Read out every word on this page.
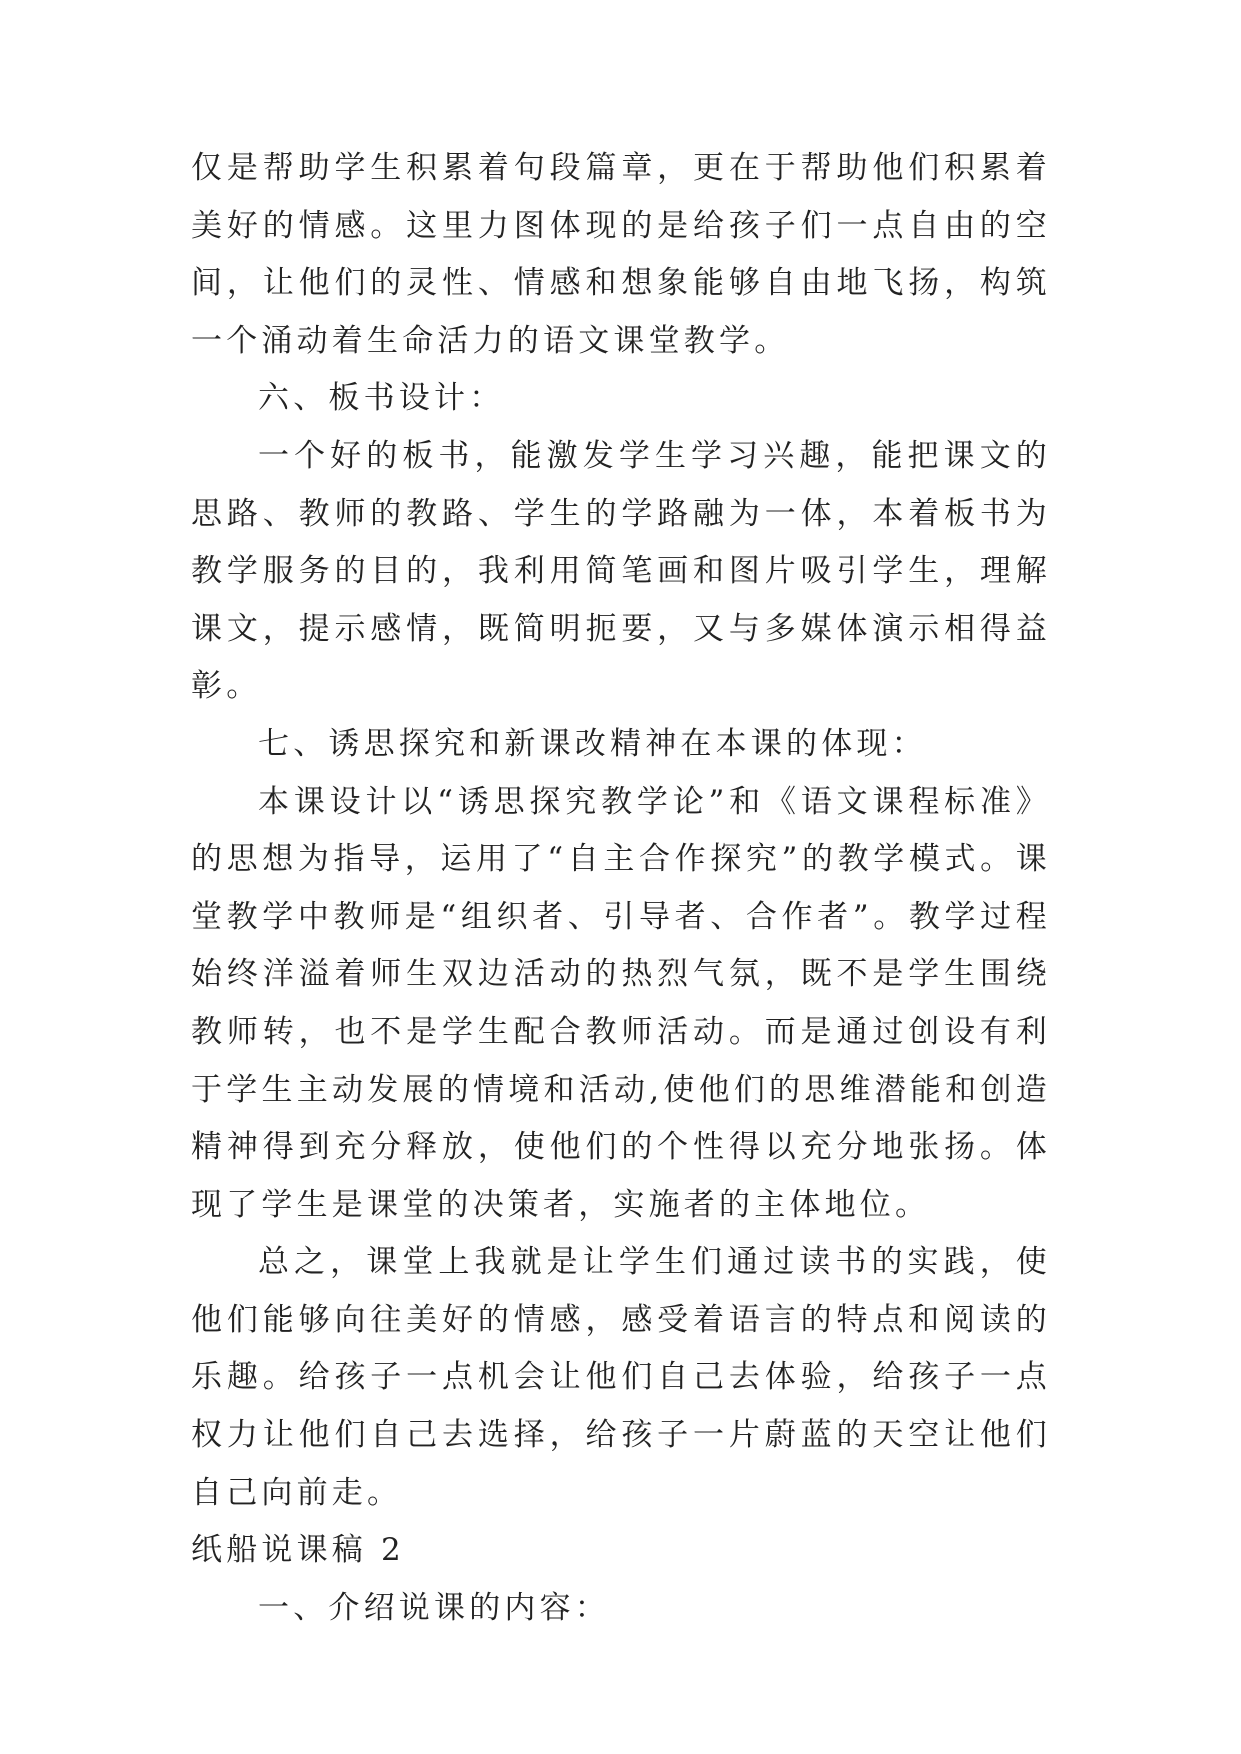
仅是帮助学生积累着句段篇章，更在于帮助他们积累着美好的情感。这里力图体现的是给孩子们一点自由的空间，让他们的灵性、情感和想象能够自由地飞扬，构筑一个涌动着生命活力的语文课堂教学。

六、板书设计：

一个好的板书，能激发学生学习兴趣，能把课文的思路、教师的教路、学生的学路融为一体，本着板书为教学服务的目的，我利用简笔画和图片吸引学生，理解课文，提示感情，既简明扼要，又与多媒体演示相得益彰。

七、诱思探究和新课改精神在本课的体现：

本课设计以“诱思探究教学论”和《语文课程标准》的思想为指导，运用了“自主合作探究”的教学模式。课堂教学中教师是“组织者、引导者、合作者”。教学过程始终洋溢着师生双边活动的热烈气氛，既不是学生围绕教师转，也不是学生配合教师活动。而是通过创设有利于学生主动发展的情境和活动,使他们的思维潜能和创造精神得到充分释放，使他们的个性得以充分地张扬。体现了学生是课堂的决策者，实施者的主体地位。

总之，课堂上我就是让学生们通过读书的实践，使他们能够向往美好的情感，感受着语言的特点和阅读的乐趣。给孩子一点机会让他们自己去体验，给孩子一点权力让他们自己去选择，给孩子一片蔚蓝的天空让他们自己向前走。

纸船说课稿 2

一、介绍说课的内容：
